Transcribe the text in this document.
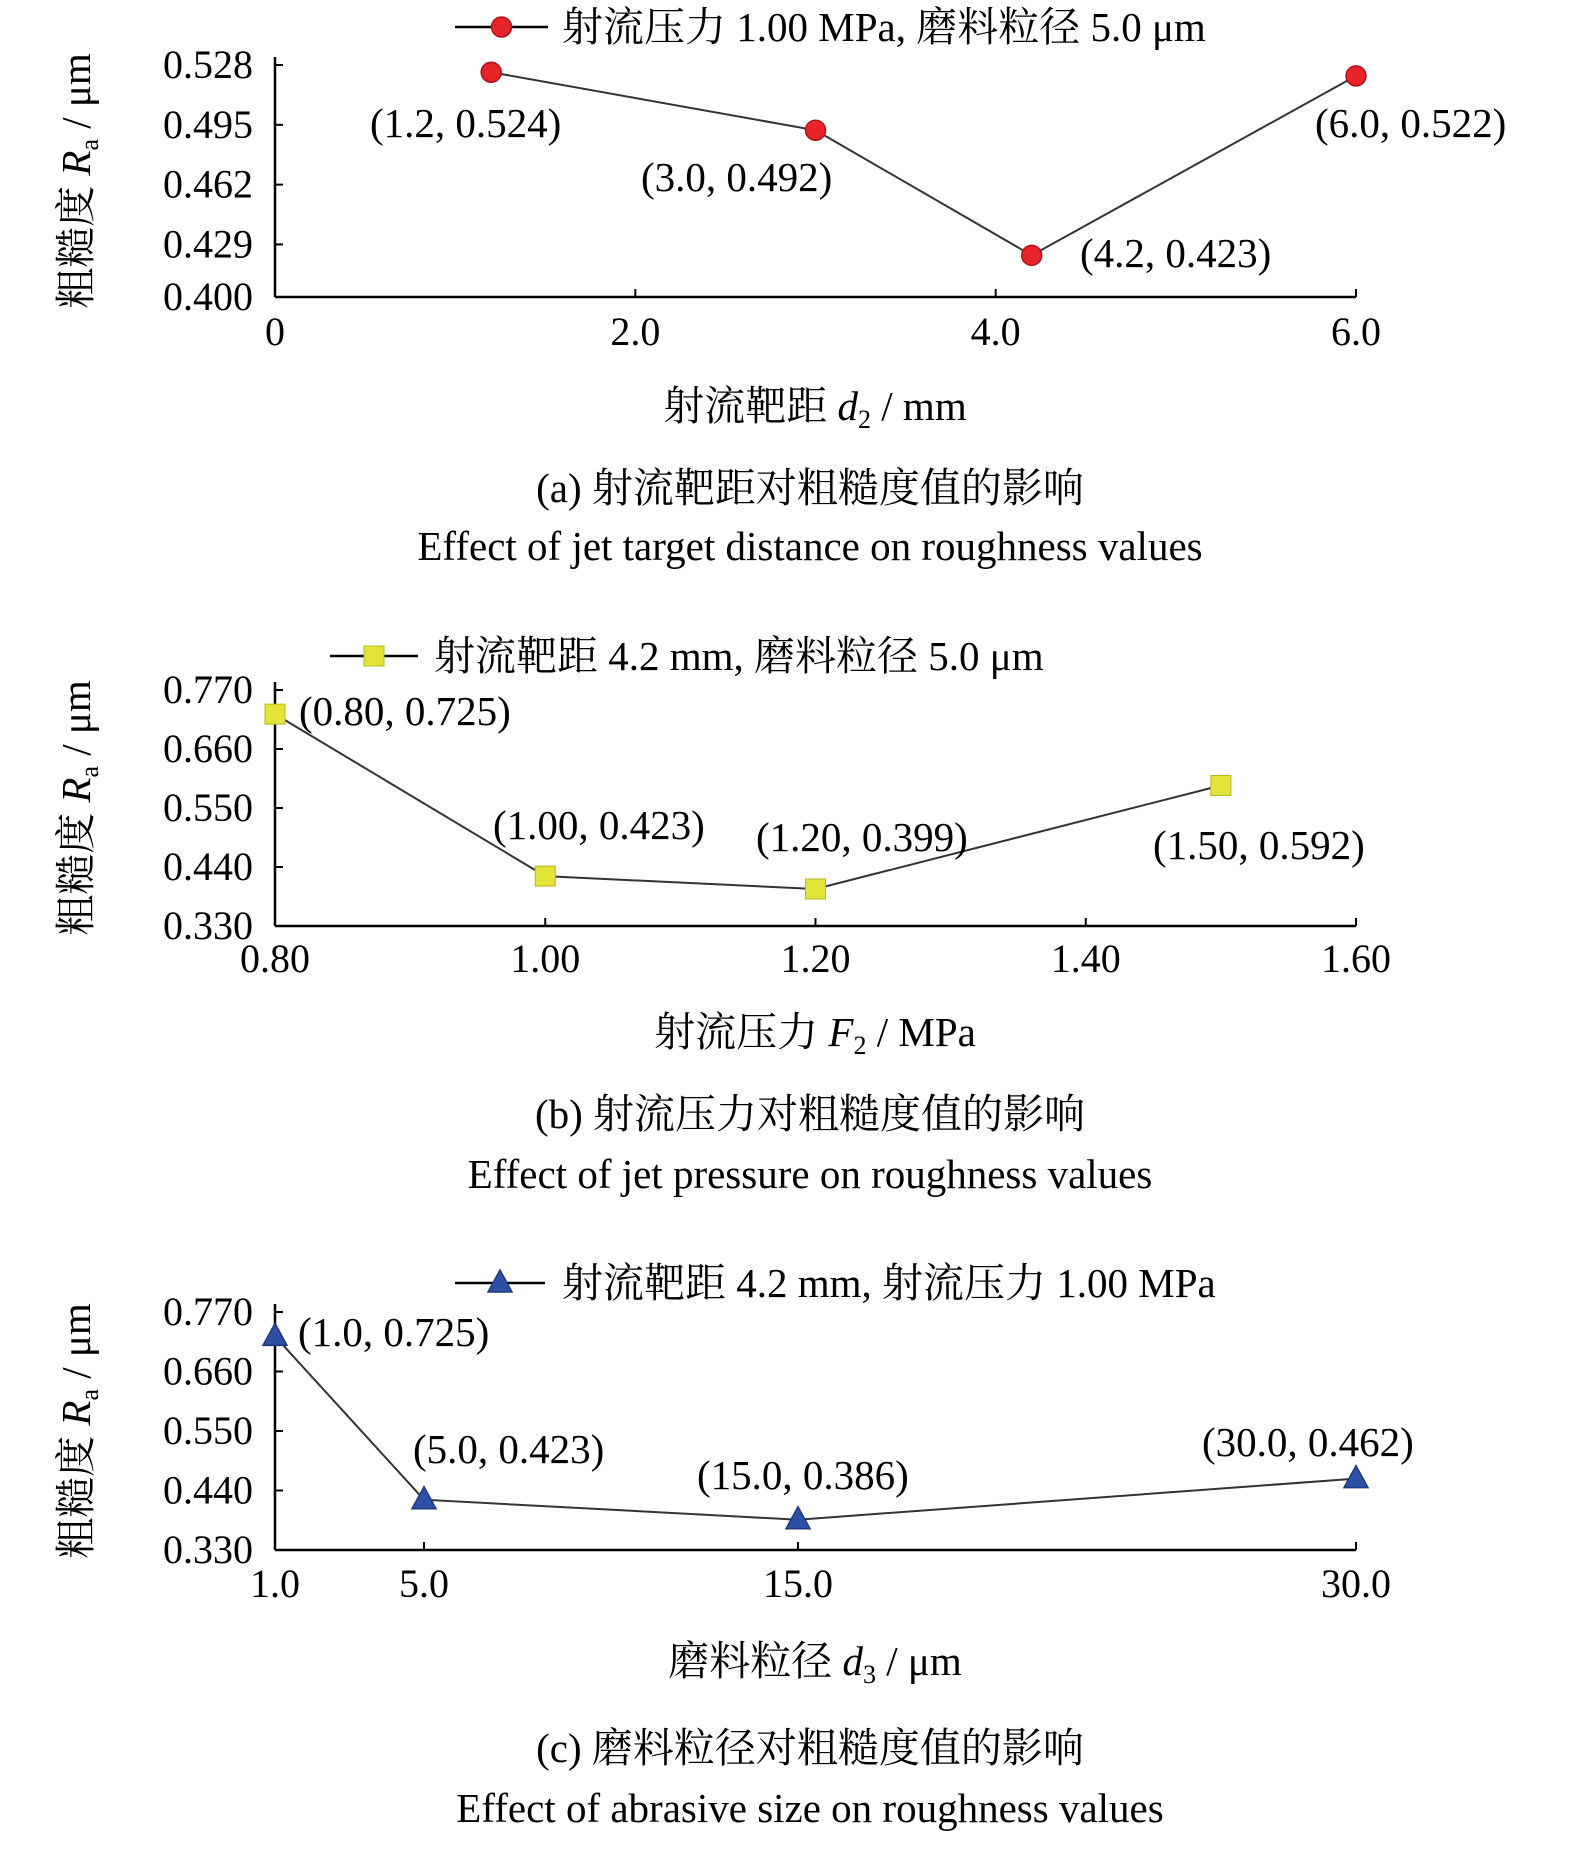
0.400
0.429
0.462
0.495
0.528
0	2.0	4.0	6.0
(1.2, 0.524)
(3.0, 0.492)
(4.2, 0.423)
(6.0, 0.522)
射流压力 1.00 MPa, 磨料粒径 5.0 μm
粗糙度 Ra / μm
射流靶距 d2 / mm
(a) 射流靶距对粗糙度值的影响
Effect of jet target distance on roughness values
0.330
0.440
0.550
0.660
0.770
0.80	1.00	1.20	1.40	1.60
(0.80, 0.725)
(1.00, 0.423) (1.20, 0.399)	(1.50, 0.592)
射流靶距 4.2 mm, 磨料粒径 5.0 μm
粗糙度 Ra / μm
射流压力 F2 / MPa
(b) 射流压力对粗糙度值的影响
Effect of jet pressure on roughness values
0.330
0.440
0.550
0.660
0.770
1.0 5.0	15.0	30.0
(1.0, 0.725)
(5.0, 0.423)
(15.0, 0.386)
(30.0, 0.462)
射流靶距 4.2 mm, 射流压力 1.00 MPa
粗糙度 Ra / μm
磨料粒径 d3 / μm
(c) 磨料粒径对粗糙度值的影响
Effect of abrasive size on roughness values
